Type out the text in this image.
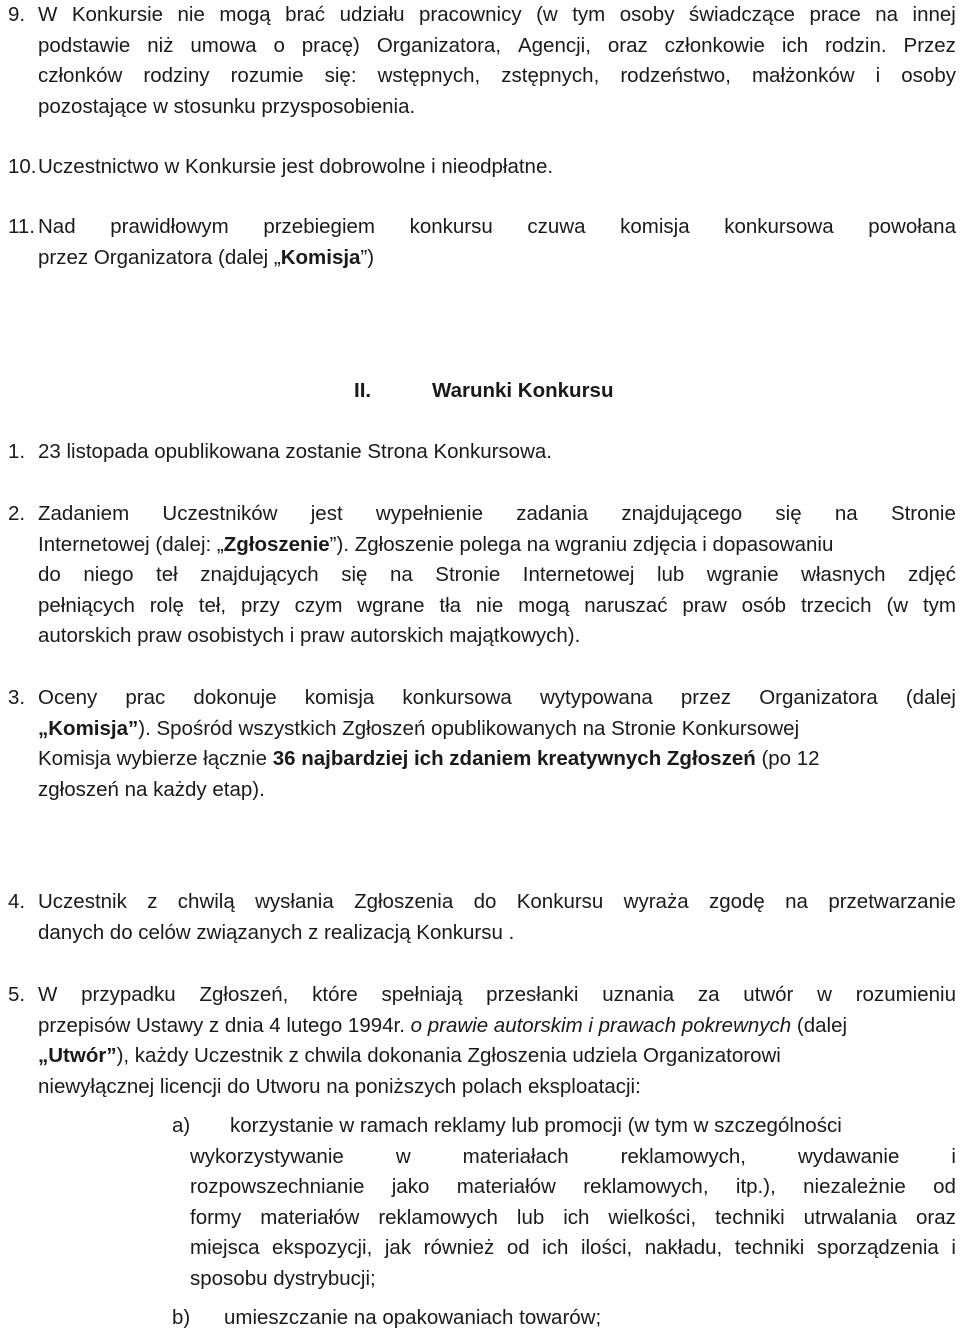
9. W Konkursie nie mogą brać udziału pracownicy (w tym osoby świadczące prace na innej
podstawie niż umowa o pracę) Organizatora, Agencji, oraz członkowie ich rodzin. Przez
członków rodziny rozumie się: wstępnych, zstępnych, rodzeństwo, małżonków i osoby
pozostające w stosunku przysposobienia.
10.Uczestnictwo w Konkursie jest dobrowolne i nieodpłatne.
11. Nad prawidłowym przebiegiem konkursu czuwa komisja konkursowa powołana
przez Organizatora (dalej „Komisja”)
II.	Warunki Konkursu
1. 23 listopada opublikowana zostanie Strona Konkursowa.
2. Zadaniem Uczestników jest wypełnienie zadania znajdującego się na Stronie
Internetowej (dalej: „Zgłoszenie”). Zgłoszenie polega na wgraniu zdjęcia i dopasowaniu
do niego teł znajdujących się na Stronie Internetowej lub wgranie własnych zdjęć
pełniących rolę teł, przy czym wgrane tła nie mogą naruszać praw osób trzecich (w tym
autorskich praw osobistych i praw autorskich majątkowych).
3. Oceny prac dokonuje komisja konkursowa wytypowana przez Organizatora (dalej
„Komisja”). Spośród wszystkich Zgłoszeń opublikowanych na Stronie Konkursowej
Komisja wybierze łącznie 36 najbardziej ich zdaniem kreatywnych Zgłoszeń (po 12
zgłoszeń na każdy etap).
4. Uczestnik z chwilą wysłania Zgłoszenia do Konkursu wyraża zgodę na przetwarzanie
danych do celów związanych z realizacją Konkursu .
5. W przypadku Zgłoszeń, które spełniają przesłanki uznania za utwór w rozumieniu
przepisów Ustawy z dnia 4 lutego 1994r. o prawie autorskim i prawach pokrewnych (dalej
„Utwór”), każdy Uczestnik z chwila dokonania Zgłoszenia udziela Organizatorowi
niewyłącznej licencji do Utworu na poniższych polach eksploatacji:
a) korzystanie w ramach reklamy lub promocji (w tym w szczególności
wykorzystywanie	w	materiałach	reklamowych,	wydawanie	i
rozpowszechnianie jako materiałów reklamowych, itp.), niezależnie od
formy materiałów reklamowych lub ich wielkości, techniki utrwalania oraz
miejsca ekspozycji, jak również od ich ilości, nakładu, techniki sporządzenia i
sposobu dystrybucji;
b) umieszczanie na opakowaniach towarów;
